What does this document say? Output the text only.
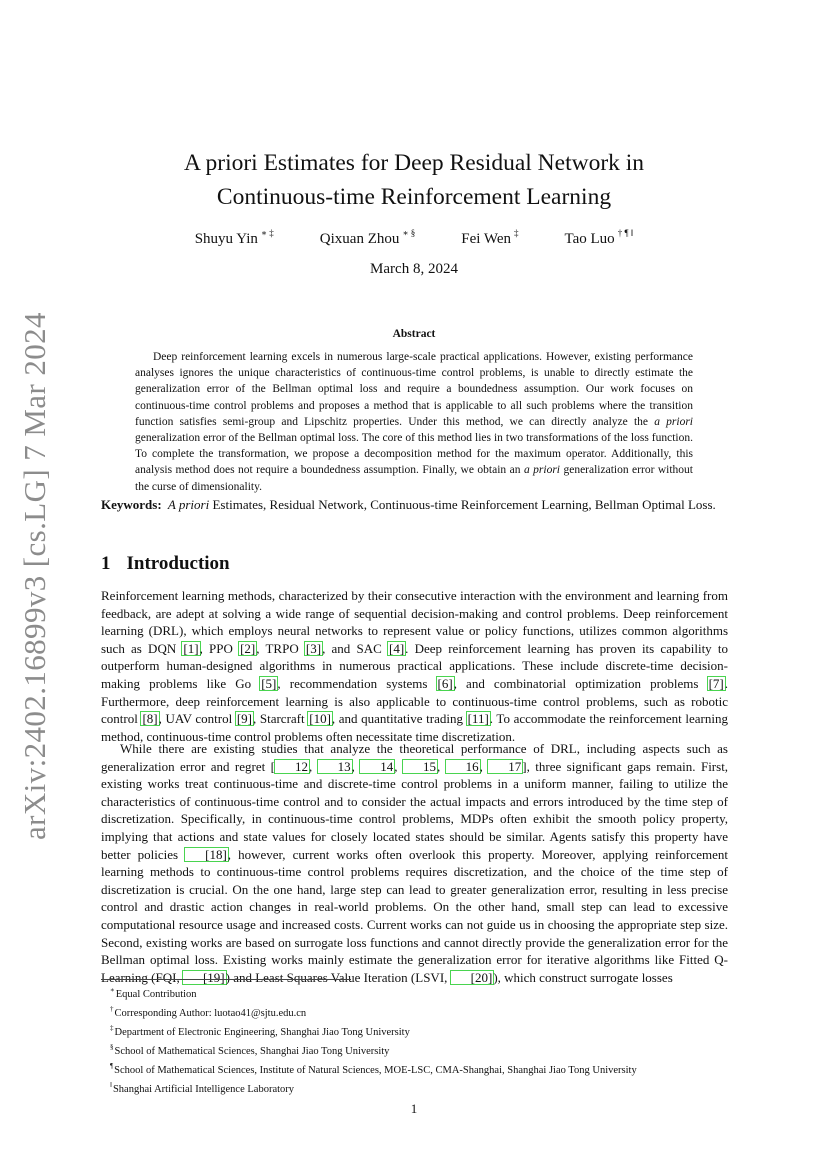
arXiv:2402.16899v3 [cs.LG] 7 Mar 2024
A priori Estimates for Deep Residual Network in
Continuous-time Reinforcement Learning
Shuyu Yin ∗ ‡	Qixuan Zhou ∗ §	Fei Wen ‡	Tao Luo † ¶ ‖
March 8, 2024
Abstract

Deep reinforcement learning excels in numerous large-scale practical applications. However, existing performance analyses ignores the unique characteristics of continuous-time control problems, is unable to directly estimate the generalization error of the Bellman optimal loss and require a boundedness assumption. Our work focuses on continuous-time control problems and proposes a method that is applicable to all such problems where the transition function satisfies semi-group and Lipschitz properties. Under this method, we can directly analyze the a priori generalization error of the Bellman optimal loss. The core of this method lies in two transformations of the loss function. To complete the transformation, we propose a decomposition method for the maximum operator. Additionally, this analysis method does not require a boundedness assumption. Finally, we obtain an a priori generalization error without the curse of dimensionality.

Keywords: A priori Estimates, Residual Network, Continuous-time Reinforcement Learning, Bellman Optimal Loss.

1 Introduction

Reinforcement learning methods, characterized by their consecutive interaction with the environment and learning from feedback, are adept at solving a wide range of sequential decision-making and control problems. Deep reinforcement learning (DRL), which employs neural networks to represent value or policy functions, utilizes common algorithms such as DQN [1], PPO [2], TRPO [3], and SAC [4]. Deep reinforcement learning has proven its capability to outperform human-designed algorithms in numerous practical applications. These include discrete-time decision-making problems like Go [5], recommendation systems [6], and combinatorial optimization problems [7]. Furthermore, deep reinforcement learning is also applicable to continuous-time control problems, such as robotic control [8], UAV control [9], Starcraft [10], and quantitative trading [11]. To accommodate the reinforcement learning method, continuous-time control problems often necessitate time discretization.

While there are existing studies that analyze the theoretical performance of DRL, including aspects such as generalization error and regret [ 12, 13, 14, 15, 16, 17], three significant gaps remain. First, existing works treat continuous-time and discrete-time control problems in a uniform manner, failing to utilize the characteristics of continuous-time control and to consider the actual impacts and errors introduced by the time step of discretization. Specifically, in continuous-time control problems, MDPs often exhibit the smooth policy property, implying that actions and state values for closely located states should be similar. Agents satisfy this property have better policies [18], however, current works often overlook this property. Moreover, applying reinforcement learning methods to continuous-time control problems requires discretization, and the choice of the time step of discretization is crucial. On the one hand, large step can lead to greater generalization error, resulting in less precise control and drastic action changes in real-world problems. On the other hand, small step can lead to excessive computational resource usage and increased costs. Current works can not guide us in choosing the appropriate step size. Second, existing works are based on surrogate loss functions and cannot directly provide the generalization error for the Bellman optimal loss. Existing works mainly estimate the generalization error for iterative algorithms like Fitted Q-Learning (FQI, [19]) and Least Squares Value Iteration (LSVI, [20]), which construct surrogate losses

∗Equal Contribution
†Corresponding Author: luotao41@sjtu.edu.cn
‡Department of Electronic Engineering, Shanghai Jiao Tong University
§School of Mathematical Sciences, Shanghai Jiao Tong University
¶School of Mathematical Sciences, Institute of Natural Sciences, MOE-LSC, CMA-Shanghai, Shanghai Jiao Tong University
‖Shanghai Artificial Intelligence Laboratory
1
